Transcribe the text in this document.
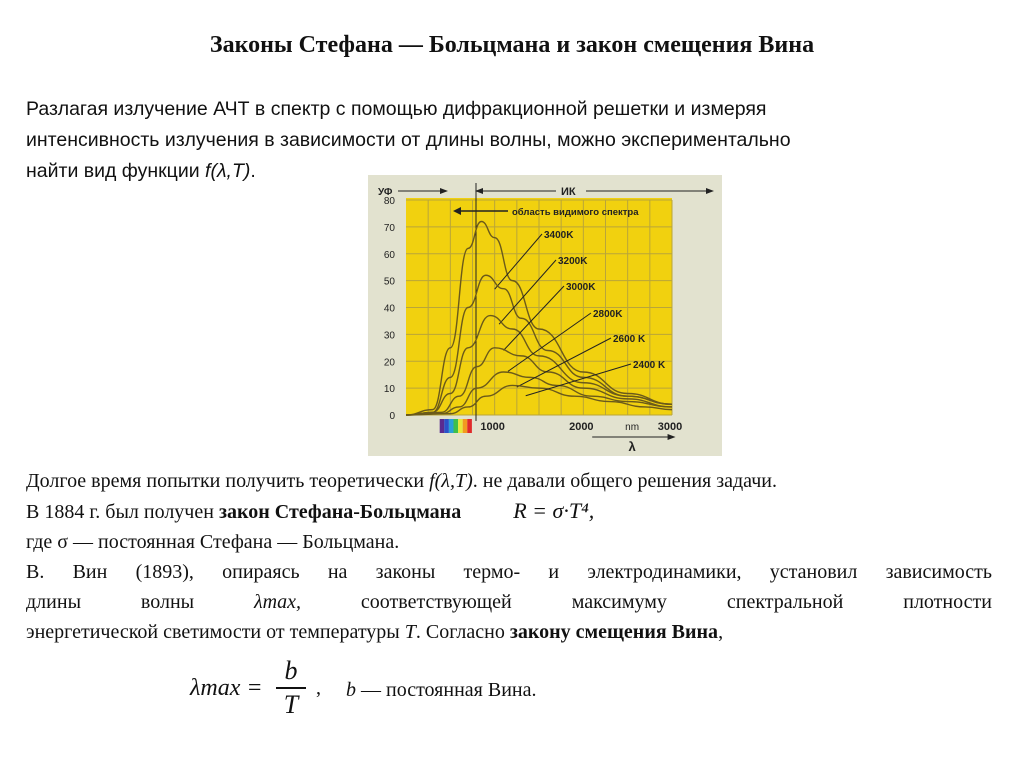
Законы Стефана — Больцмана и закон смещения Вина
Разлагая излучение АЧТ в спектр с помощью дифракционной решетки и измеряя
интенсивность излучения в зависимости от длины волны, можно экспериментально
найти вид функции f(λ,T).
0
10
20
30
40
50
60
70
80
1000	2000	3000
nm
λ
УФ	ИК
область видимого спектра
3400K
3200K
3000K
2800K
2600 K
2400 K
Долгое время попытки получить теоретически f(λ,T). не давали общего решения задачи.
В 1884 г. был получен закон Стефана-Больцмана R = σ·T⁴,
где σ — постоянная Стефана — Больцмана.
В. Вин (1893), опираясь на законы термо- и электродинамики, установил зависимость
длины	волны	λmax,	соответствующей	максимуму	спектральной	плотности
энергетической светимости от температуры T. Согласно закону смещения Вина,
λmax =
b
T
, b — постоянная Вина.
